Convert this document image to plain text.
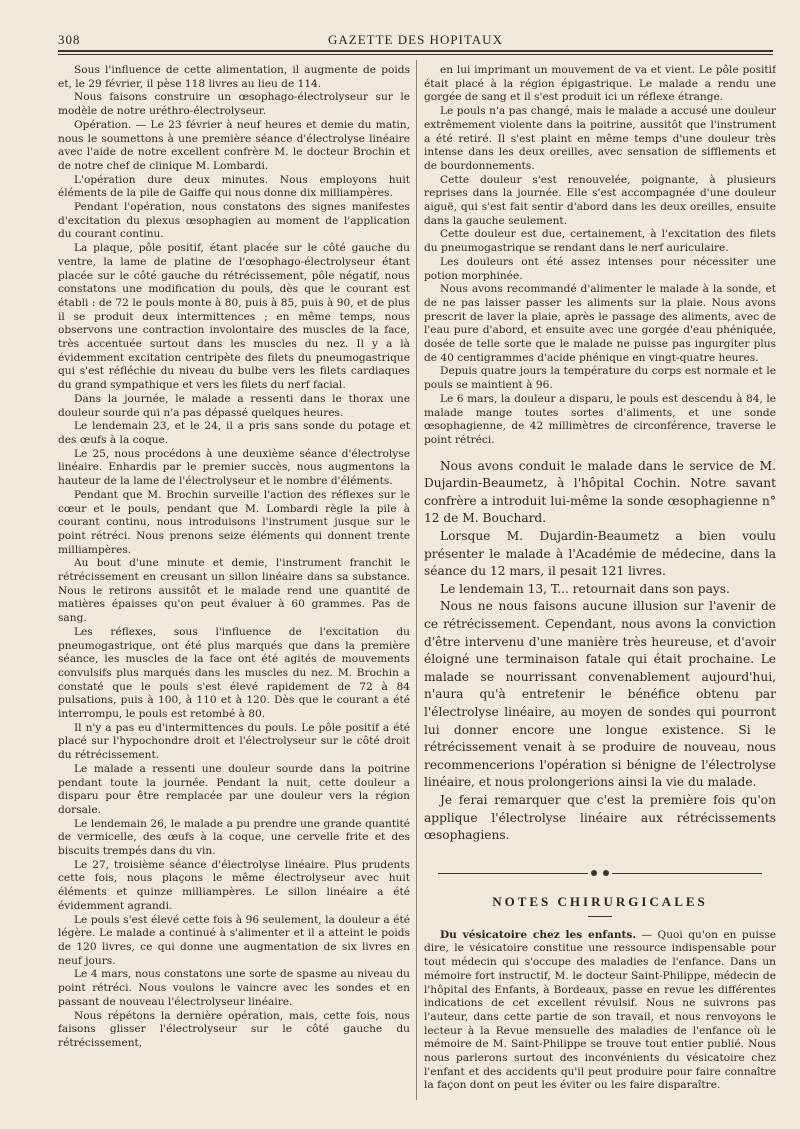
308	GAZETTE DES HOPITAUX

Sous l'influence de cette alimentation, il augmente de poids et, le 29 février, il pèse 118 livres au lieu de 114.

Nous faisons construire un œsophago-électrolyseur sur le modèle de notre uréthro-électrolyseur.

Opération. — Le 23 février à neuf heures et demie du matin, nous le soumettons à une première séance d'électrolyse linéaire avec l'aide de notre excellent confrère M. le docteur Brochin et de notre chef de clinique M. Lombardi.

L'opération dure deux minutes. Nous employons huit éléments de la pile de Gaiffe qui nous donne dix milliampères.

Pendant l'opération, nous constatons des signes manifestes d'excitation du plexus œsophagien au moment de l'application du courant continu.

La plaque, pôle positif, étant placée sur le côté gauche du ventre, la lame de platine de l'œsophago-électrolyseur étant placée sur le côté gauche du rétrécissement, pôle négatif, nous constatons une modification du pouls, dès que le courant est établi : de 72 le pouls monte à 80, puis à 85, puis à 90, et de plus il se produit deux intermittences ; en même temps, nous observons une contraction involontaire des muscles de la face, très accentuée surtout dans les muscles du nez. Il y a là évidemment excitation centripète des filets du pneumogastrique qui s'est réfléchie du niveau du bulbe vers les filets cardiaques du grand sympathique et vers les filets du nerf facial.

Dans la journée, le malade a ressenti dans le thorax une douleur sourde qui n'a pas dépassé quelques heures.

Le lendemain 23, et le 24, il a pris sans sonde du potage et des œufs à la coque.

Le 25, nous procédons à une deuxième séance d'électrolyse linéaire. Enhardis par le premier succès, nous augmentons la hauteur de la lame de l'électrolyseur et le nombre d'éléments.

Pendant que M. Brochin surveille l'action des réflexes sur le cœur et le pouls, pendant que M. Lombardi règle la pile à courant continu, nous introduisons l'instrument jusque sur le point rétréci. Nous prenons seize éléments qui donnent trente milliampères.

Au bout d'une minute et demie, l'instrument franchit le rétrécissement en creusant un sillon linéaire dans sa substance. Nous le retirons aussitôt et le malade rend une quantité de matières épaisses qu'on peut évaluer à 60 grammes. Pas de sang.

Les réflexes, sous l'influence de l'excitation du pneumogastrique, ont été plus marqués que dans la première séance, les muscles de la face ont été agités de mouvements convulsifs plus marqués dans les muscles du nez. M. Brochin a constaté que le pouls s'est élevé rapidement de 72 à 84 pulsations, puis à 100, à 110 et à 120. Dès que le courant a été interrompu, le pouls est retombé à 80.

Il n'y a pas eu d'intermittences du pouls. Le pôle positif a été placé sur l'hypochondre droit et l'électrolyseur sur le côté droit du rétrécissement.

Le malade a ressenti une douleur sourde dans la poitrine pendant toute la journée. Pendant la nuit, cette douleur a disparu pour être remplacée par une douleur vers la région dorsale.

Le lendemain 26, le malade a pu prendre une grande quantité de vermicelle, des œufs à la coque, une cervelle frite et des biscuits trempés dans du vin.

Le 27, troisième séance d'électrolyse linéaire. Plus prudents cette fois, nous plaçons le même électrolyseur avec huit éléments et quinze milliampères. Le sillon linéaire a été évidemment agrandi.

Le pouls s'est élevé cette fois à 96 seulement, la douleur a été légère. Le malade a continué à s'alimenter et il a atteint le poids de 120 livres, ce qui donne une augmentation de six livres en neuf jours.

Le 4 mars, nous constatons une sorte de spasme au niveau du point rétréci. Nous voulons le vaincre avec les sondes et en passant de nouveau l'électrolyseur linéaire.

Nous répétons la dernière opération, mais, cette fois, nous faisons glisser l'électrolyseur sur le côté gauche du rétrécissement,

en lui imprimant un mouvement de va et vient. Le pôle positif était placé à la région épigastrique. Le malade a rendu une gorgée de sang et il s'est produit ici un réflexe étrange.

Le pouls n'a pas changé, mais le malade a accusé une douleur extrêmement violente dans la poitrine, aussitôt que l'instrument a été retiré. Il s'est plaint en même temps d'une douleur très intense dans les deux oreilles, avec sensation de sifflements et de bourdonnements.

Cette douleur s'est renouvelée, poignante, à plusieurs reprises dans la journée. Elle s'est accompagnée d'une douleur aiguë, qui s'est fait sentir d'abord dans les deux oreilles, ensuite dans la gauche seulement.

Cette douleur est due, certainement, à l'excitation des filets du pneumogastrique se rendant dans le nerf auriculaire.

Les douleurs ont été assez intenses pour nécessiter une potion morphinée.

Nous avons recommandé d'alimenter le malade à la sonde, et de ne pas laisser passer les aliments sur la plaie. Nous avons prescrit de laver la plaie, après le passage des aliments, avec de l'eau pure d'abord, et ensuite avec une gorgée d'eau phéniquée, dosée de telle sorte que le malade ne puisse pas ingurgiter plus de 40 centigrammes d'acide phénique en vingt-quatre heures.

Depuis quatre jours la température du corps est normale et le pouls se maintient à 96.

Le 6 mars, la douleur a disparu, le pouls est descendu à 84, le malade mange toutes sortes d'aliments, et une sonde œsophagienne, de 42 millimètres de circonférence, traverse le point rétréci.

Nous avons conduit le malade dans le service de M. Dujardin-Beaumetz, à l'hôpital Cochin. Notre savant confrère a introduit lui-même la sonde œsophagienne n° 12 de M. Bouchard.

Lorsque M. Dujardin-Beaumetz a bien voulu présenter le malade à l'Académie de médecine, dans la séance du 12 mars, il pesait 121 livres.

Le lendemain 13, T... retournait dans son pays.

Nous ne nous faisons aucune illusion sur l'avenir de ce rétrécissement. Cependant, nous avons la conviction d'être intervenu d'une manière très heureuse, et d'avoir éloigné une terminaison fatale qui était prochaine. Le malade se nourrissant convenablement aujourd'hui, n'aura qu'à entretenir le bénéfice obtenu par l'électrolyse linéaire, au moyen de sondes qui pourront lui donner encore une longue existence. Si le rétrécissement venait à se produire de nouveau, nous recommencerions l'opération si bénigne de l'électrolyse linéaire, et nous prolongerions ainsi la vie du malade.

Je ferai remarquer que c'est la première fois qu'on applique l'électrolyse linéaire aux rétrécissements œsophagiens.

NOTES CHIRURGICALES

Du vésicatoire chez les enfants. — Quoi qu'on en puisse dire, le vésicatoire constitue une ressource indispensable pour tout médecin qui s'occupe des maladies de l'enfance. Dans un mémoire fort instructif, M. le docteur Saint-Philippe, médecin de l'hôpital des Enfants, à Bordeaux, passe en revue les différentes indications de cet excellent révulsif. Nous ne suivrons pas l'auteur, dans cette partie de son travail, et nous renvoyons le lecteur à la Revue mensuelle des maladies de l'enfance où le mémoire de M. Saint-Philippe se trouve tout entier publié. Nous nous parlerons surtout des inconvénients du vésicatoire chez l'enfant et des accidents qu'il peut produire pour faire connaître la façon dont on peut les éviter ou les faire disparaître.
